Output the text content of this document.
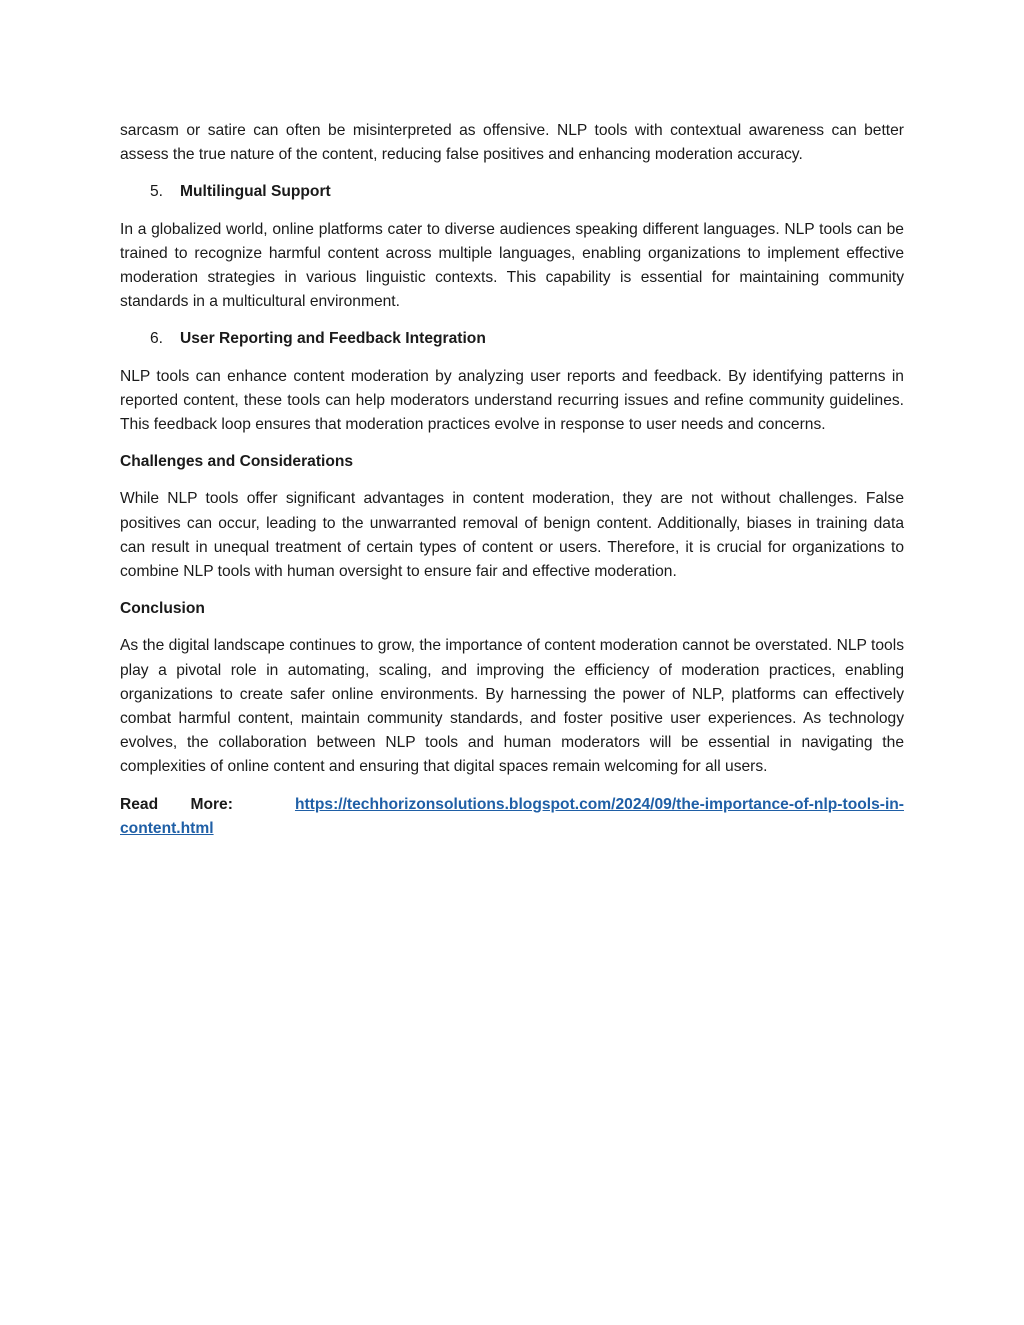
sarcasm or satire can often be misinterpreted as offensive. NLP tools with contextual awareness can better assess the true nature of the content, reducing false positives and enhancing moderation accuracy.

5. Multilingual Support

In a globalized world, online platforms cater to diverse audiences speaking different languages. NLP tools can be trained to recognize harmful content across multiple languages, enabling organizations to implement effective moderation strategies in various linguistic contexts. This capability is essential for maintaining community standards in a multicultural environment.

6. User Reporting and Feedback Integration

NLP tools can enhance content moderation by analyzing user reports and feedback. By identifying patterns in reported content, these tools can help moderators understand recurring issues and refine community guidelines. This feedback loop ensures that moderation practices evolve in response to user needs and concerns.

Challenges and Considerations

While NLP tools offer significant advantages in content moderation, they are not without challenges. False positives can occur, leading to the unwarranted removal of benign content. Additionally, biases in training data can result in unequal treatment of certain types of content or users. Therefore, it is crucial for organizations to combine NLP tools with human oversight to ensure fair and effective moderation.

Conclusion

As the digital landscape continues to grow, the importance of content moderation cannot be overstated. NLP tools play a pivotal role in automating, scaling, and improving the efficiency of moderation practices, enabling organizations to create safer online environments. By harnessing the power of NLP, platforms can effectively combat harmful content, maintain community standards, and foster positive user experiences. As technology evolves, the collaboration between NLP tools and human moderators will be essential in navigating the complexities of online content and ensuring that digital spaces remain welcoming for all users.

Read More:	https://techhorizonsolutions.blogspot.com/2024/09/the-importance-of-nlp-tools-in-content.html
